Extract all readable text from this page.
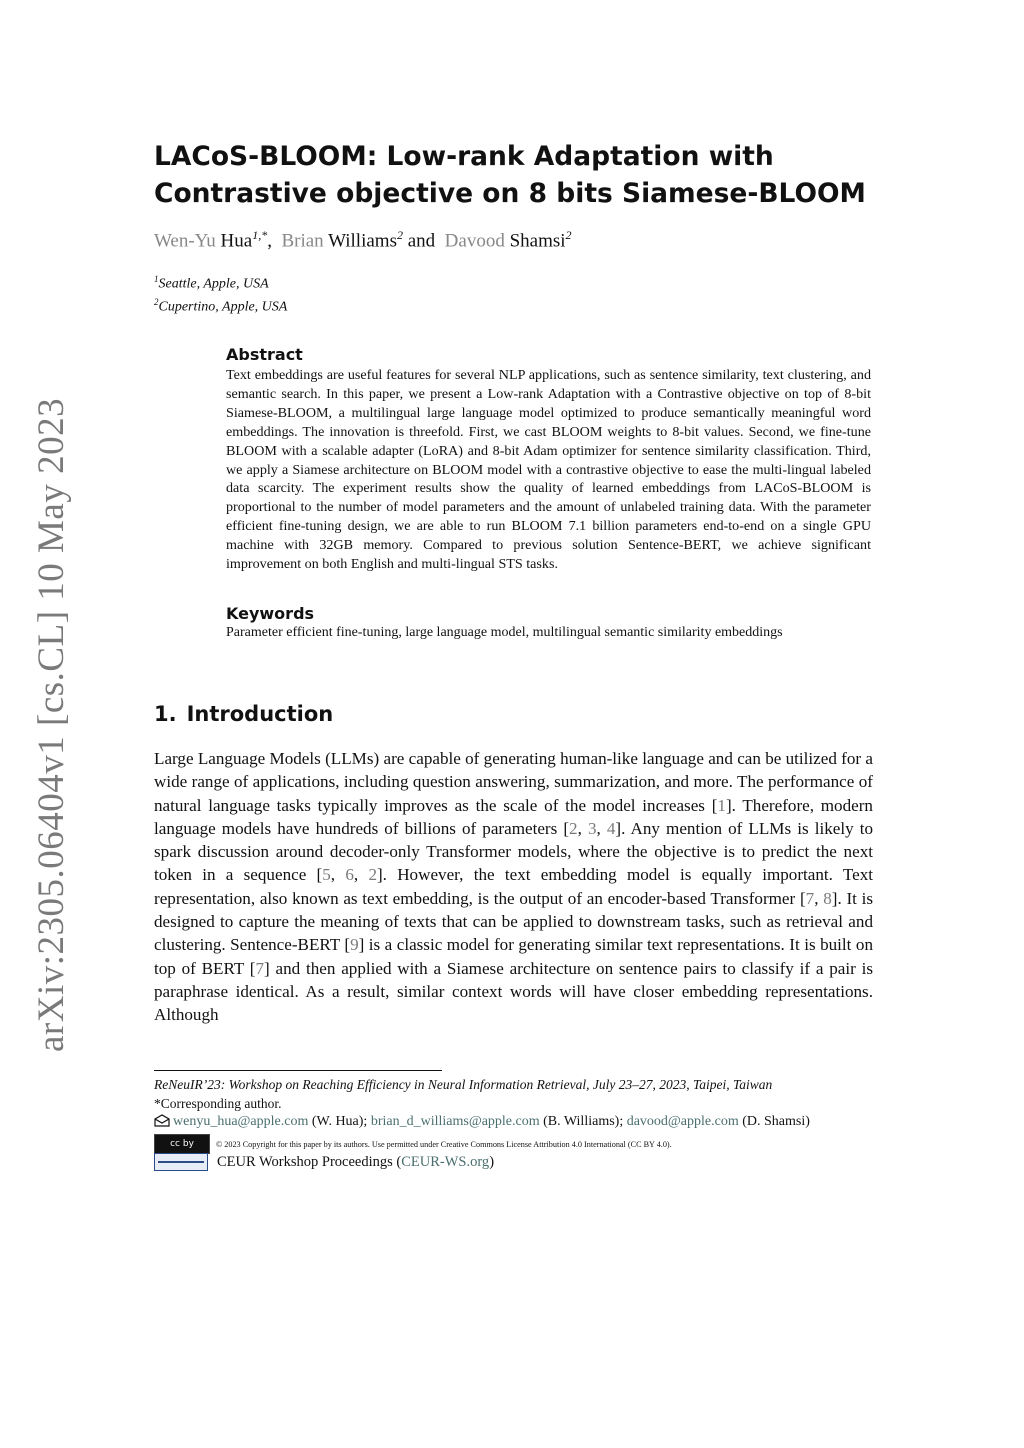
arXiv:2305.06404v1 [cs.CL] 10 May 2023
LACoS-BLOOM: Low-rank Adaptation with
Contrastive objective on 8 bits Siamese-BLOOM
Wen-Yu Hua$^{1,*}$,  Brian Williams$^2$ and  Davood Shamsi$^2$
$^1$Seattle, Apple, USA
$^2$Cupertino, Apple, USA
Abstract
Text embeddings are useful features for several NLP applications, such as sentence similarity, text clustering, and semantic search. In this paper, we present a Low-rank Adaptation with a Contrastive objective on top of 8-bit Siamese-BLOOM, a multilingual large language model optimized to produce semantically meaningful word embeddings. The innovation is threefold. First, we cast BLOOM weights to 8-bit values. Second, we fine-tune BLOOM with a scalable adapter (LoRA) and 8-bit Adam optimizer for sentence similarity classification. Third, we apply a Siamese architecture on BLOOM model with a contrastive objective to ease the multi-lingual labeled data scarcity. The experiment results show the quality of learned embeddings from LACoS-BLOOM is proportional to the number of model parameters and the amount of unlabeled training data. With the parameter efficient fine-tuning design, we are able to run BLOOM 7.1 billion parameters end-to-end on a single GPU machine with 32GB memory. Compared to previous solution Sentence-BERT, we achieve significant improvement on both English and multi-lingual STS tasks.
Keywords
Parameter efficient fine-tuning, large language model, multilingual semantic similarity embeddings
1. Introduction
Large Language Models (LLMs) are capable of generating human-like language and can be utilized for a wide range of applications, including question answering, summarization, and more. The performance of natural language tasks typically improves as the scale of the model increases [1]. Therefore, modern language models have hundreds of billions of parameters [2, 3, 4]. Any mention of LLMs is likely to spark discussion around decoder-only Transformer models, where the objective is to predict the next token in a sequence [5, 6, 2]. However, the text embedding model is equally important. Text representation, also known as text embedding, is the output of an encoder-based Transformer [7, 8]. It is designed to capture the meaning of texts that can be applied to downstream tasks, such as retrieval and clustering. Sentence-BERT [9] is a classic model for generating similar text representations. It is built on top of BERT [7] and then applied with a Siamese architecture on sentence pairs to classify if a pair is paraphrase identical. As a result, similar context words will have closer embedding representations. Although
ReNeuIR’23: Workshop on Reaching Efficiency in Neural Information Retrieval, July 23–27, 2023, Taipei, Taiwan
*Corresponding author.
wenyu_hua@apple.com (W. Hua); brian_d_williams@apple.com (B. Williams); davood@apple.com (D. Shamsi)
cc by	© 2023 Copyright for this paper by its authors. Use permitted under Creative Commons License Attribution 4.0 International (CC BY 4.0).
CEUR Workshop Proceedings (CEUR-WS.org)
